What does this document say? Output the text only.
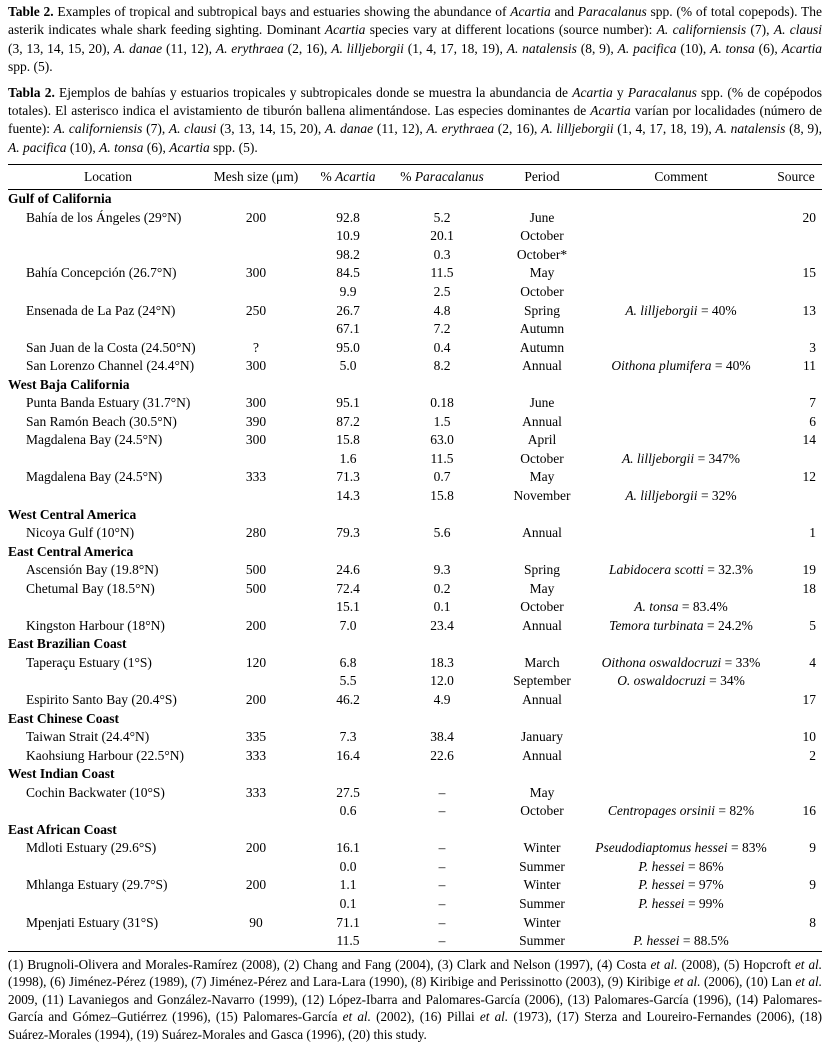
Table 2. Examples of tropical and subtropical bays and estuaries showing the abundance of Acartia and Paracalanus spp. (% of total copepods). The asterik indicates whale shark feeding sighting. Dominant Acartia species vary at different locations (source number): A. californiensis (7), A. clausi (3, 13, 14, 15, 20), A. danae (11, 12), A. erythraea (2, 16), A. lilljeborgii (1, 4, 17, 18, 19), A. natalensis (8, 9), A. pacifica (10), A. tonsa (6), Acartia spp. (5).

Tabla 2. Ejemplos de bahías y estuarios tropicales y subtropicales donde se muestra la abundancia de Acartia y Paracalanus spp. (% de copépodos totales). El asterisco indica el avistamiento de tiburón ballena alimentándose. Las especies dominantes de Acartia varían por localidades (número de fuente): A. californiensis (7), A. clausi (3, 13, 14, 15, 20), A. danae (11, 12), A. erythraea (2, 16), A. lilljeborgii (1, 4, 17, 18, 19), A. natalensis (8, 9), A. pacifica (10), A. tonsa (6), Acartia spp. (5).

Location	Mesh size (μm)	% Acartia	% Paracalanus	Period	Comment	Source
Gulf of California						
Bahía de los Ángeles (29°N)	200	92.8	5.2	June		20
		10.9	20.1	October		
		98.2	0.3	October*		
Bahía Concepción (26.7°N)	300	84.5	11.5	May		15
		9.9	2.5	October		
Ensenada de La Paz (24°N)	250	26.7	4.8	Spring	A. lilljeborgii = 40%	13
		67.1	7.2	Autumn		
San Juan de la Costa (24.50°N)	?	95.0	0.4	Autumn		3
San Lorenzo Channel (24.4°N)	300	5.0	8.2	Annual	Oithona plumifera = 40%	11
West Baja California						
Punta Banda Estuary (31.7°N)	300	95.1	0.18	June		7
San Ramón Beach (30.5°N)	390	87.2	1.5	Annual		6
Magdalena Bay (24.5°N)	300	15.8	63.0	April		14
		1.6	11.5	October	A. lilljeborgii = 347%	
Magdalena Bay (24.5°N)	333	71.3	0.7	May		12
		14.3	15.8	November	A. lilljeborgii = 32%	
West Central America						
Nicoya Gulf (10°N)	280	79.3	5.6	Annual		1
East Central America						
Ascensión Bay (19.8°N)	500	24.6	9.3	Spring	Labidocera scotti = 32.3%	19
Chetumal Bay (18.5°N)	500	72.4	0.2	May		18
		15.1	0.1	October	A. tonsa = 83.4%	
Kingston Harbour (18°N)	200	7.0	23.4	Annual	Temora turbinata = 24.2%	5
East Brazilian Coast						
Taperaçu Estuary (1°S)	120	6.8	18.3	March	Oithona oswaldocruzi = 33%	4
		5.5	12.0	September	O. oswaldocruzi = 34%	
Espirito Santo Bay (20.4°S)	200	46.2	4.9	Annual		17
East Chinese Coast						
Taiwan Strait (24.4°N)	335	7.3	38.4	January		10
Kaohsiung Harbour (22.5°N)	333	16.4	22.6	Annual		2
West Indian Coast						
Cochin Backwater (10°S)	333	27.5	–	May		
		0.6	–	October	Centropages orsinii = 82%	16
East African Coast						
Mdloti Estuary (29.6°S)	200	16.1	–	Winter	Pseudodiaptomus hessei = 83%	9
		0.0	–	Summer	P. hessei = 86%	
Mhlanga Estuary (29.7°S)	200	1.1	–	Winter	P. hessei = 97%	9
		0.1	–	Summer	P. hessei = 99%	
Mpenjati Estuary (31°S)	90	71.1	–	Winter		8
		11.5	–	Summer	P. hessei = 88.5%	

(1) Brugnoli-Olivera and Morales-Ramírez (2008), (2) Chang and Fang (2004), (3) Clark and Nelson (1997), (4) Costa et al. (2008), (5) Hopcroft et al. (1998), (6) Jiménez-Pérez (1989), (7) Jiménez-Pérez and Lara-Lara (1990), (8) Kiribige and Perissinotto (2003), (9) Kiribige et al. (2006), (10) Lan et al. 2009, (11) Lavaniegos and González-Navarro (1999), (12) López-Ibarra and Palomares-García (2006), (13) Palomares-García (1996), (14) Palomares-García and Gómez–Gutiérrez (1996), (15) Palomares-García et al. (2002), (16) Pillai et al. (1973), (17) Sterza and Loureiro-Fernandes (2006), (18) Suárez-Morales (1994), (19) Suárez-Morales and Gasca (1996), (20) this study.
